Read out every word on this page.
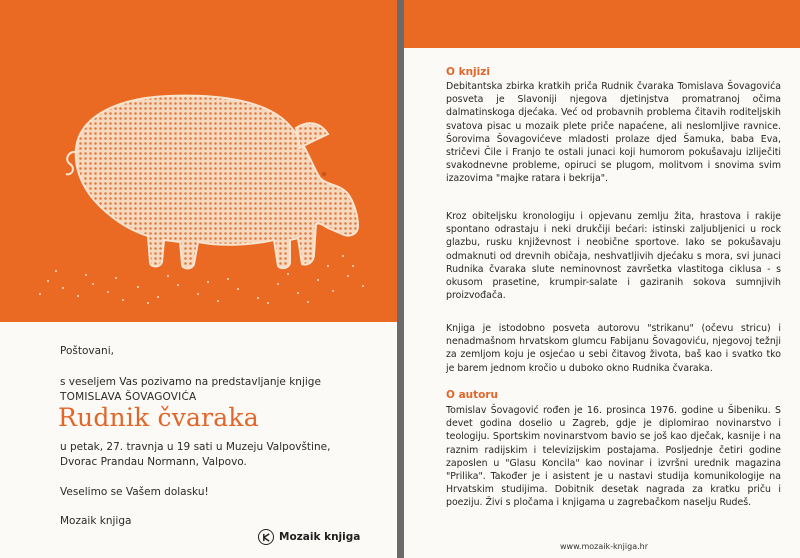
Poštovani,
s veseljem Vas pozivamo na predstavljanje knjige
TOMISLAVA ŠOVAGOVIĆA
Rudnik čvaraka
u petak, 27. travnja u 19 sati u Muzeju Valpovštine,
Dvorac Prandau Normann, Valpovo.
Veselimo se Vašem dolasku!
Mozaik knjiga
Mozaik knjiga
O knjizi
Debitantska zbirka kratkih priča Rudnik čvaraka Tomislava Šovagovića posveta je Slavoniji njegova djetinjstva promatranoj očima dalmatinskoga djećaka. Već od probavnih problema čitavih roditeljskih svatova pisac u mozaik plete priče napaćene, ali neslomljive ravnice. Šorovima Šovagovićeve mladosti prolaze djed Šamuka, baba Eva, stričevi Čile i Franjo te ostali junaci koji humorom pokušavaju izliječiti svakodnevne probleme, opiruci se plugom, molitvom i snovima svim izazovima "majke ratara i bekrija".
Kroz obiteljsku kronologiju i opjevanu zemlju žita, hrastova i rakije spontano odrastaju i neki drukčiji bećari: istinski zaljubljenici u rock glazbu, rusku književnost i neobične sportove. Iako se pokušavaju odmaknuti od drevnih običaja, neshvatljivih djećaku s mora, svi junaci Rudnika čvaraka slute neminovnost završetka vlastitoga ciklusa - s okusom prasetine, krumpir-salate i gaziranih sokova sumnjivih proizvođača.
Knjiga je istodobno posveta autorovu "strikanu" (očevu stricu) i nenadmašnom hrvatskom glumcu Fabijanu Šovagoviću, njegovoj težnji za zemljom koju je osjećao u sebi čitavog života, baš kao i svatko tko je barem jednom kročio u duboko okno Rudnika čvaraka.
O autoru
Tomislav Šovagović rođen je 16. prosinca 1976. godine u Šibeniku. S devet godina doselio u Zagreb, gdje je diplomirao novinarstvo i teologiju. Sportskim novinarstvom bavio se još kao dječak, kasnije i na raznim radijskim i televizijskim postajama. Posljednje četiri godine zaposlen u "Glasu Koncila" kao novinar i izvršni urednik magazina "Prilika". Također je i asistent je u nastavi studija komunikologije na Hrvatskim studijima. Dobitnik desetak nagrada za kratku priču i poeziju. Živi s pločama i knjigama u zagrebačkom naselju Rudeš.
www.mozaik-knjiga.hr
